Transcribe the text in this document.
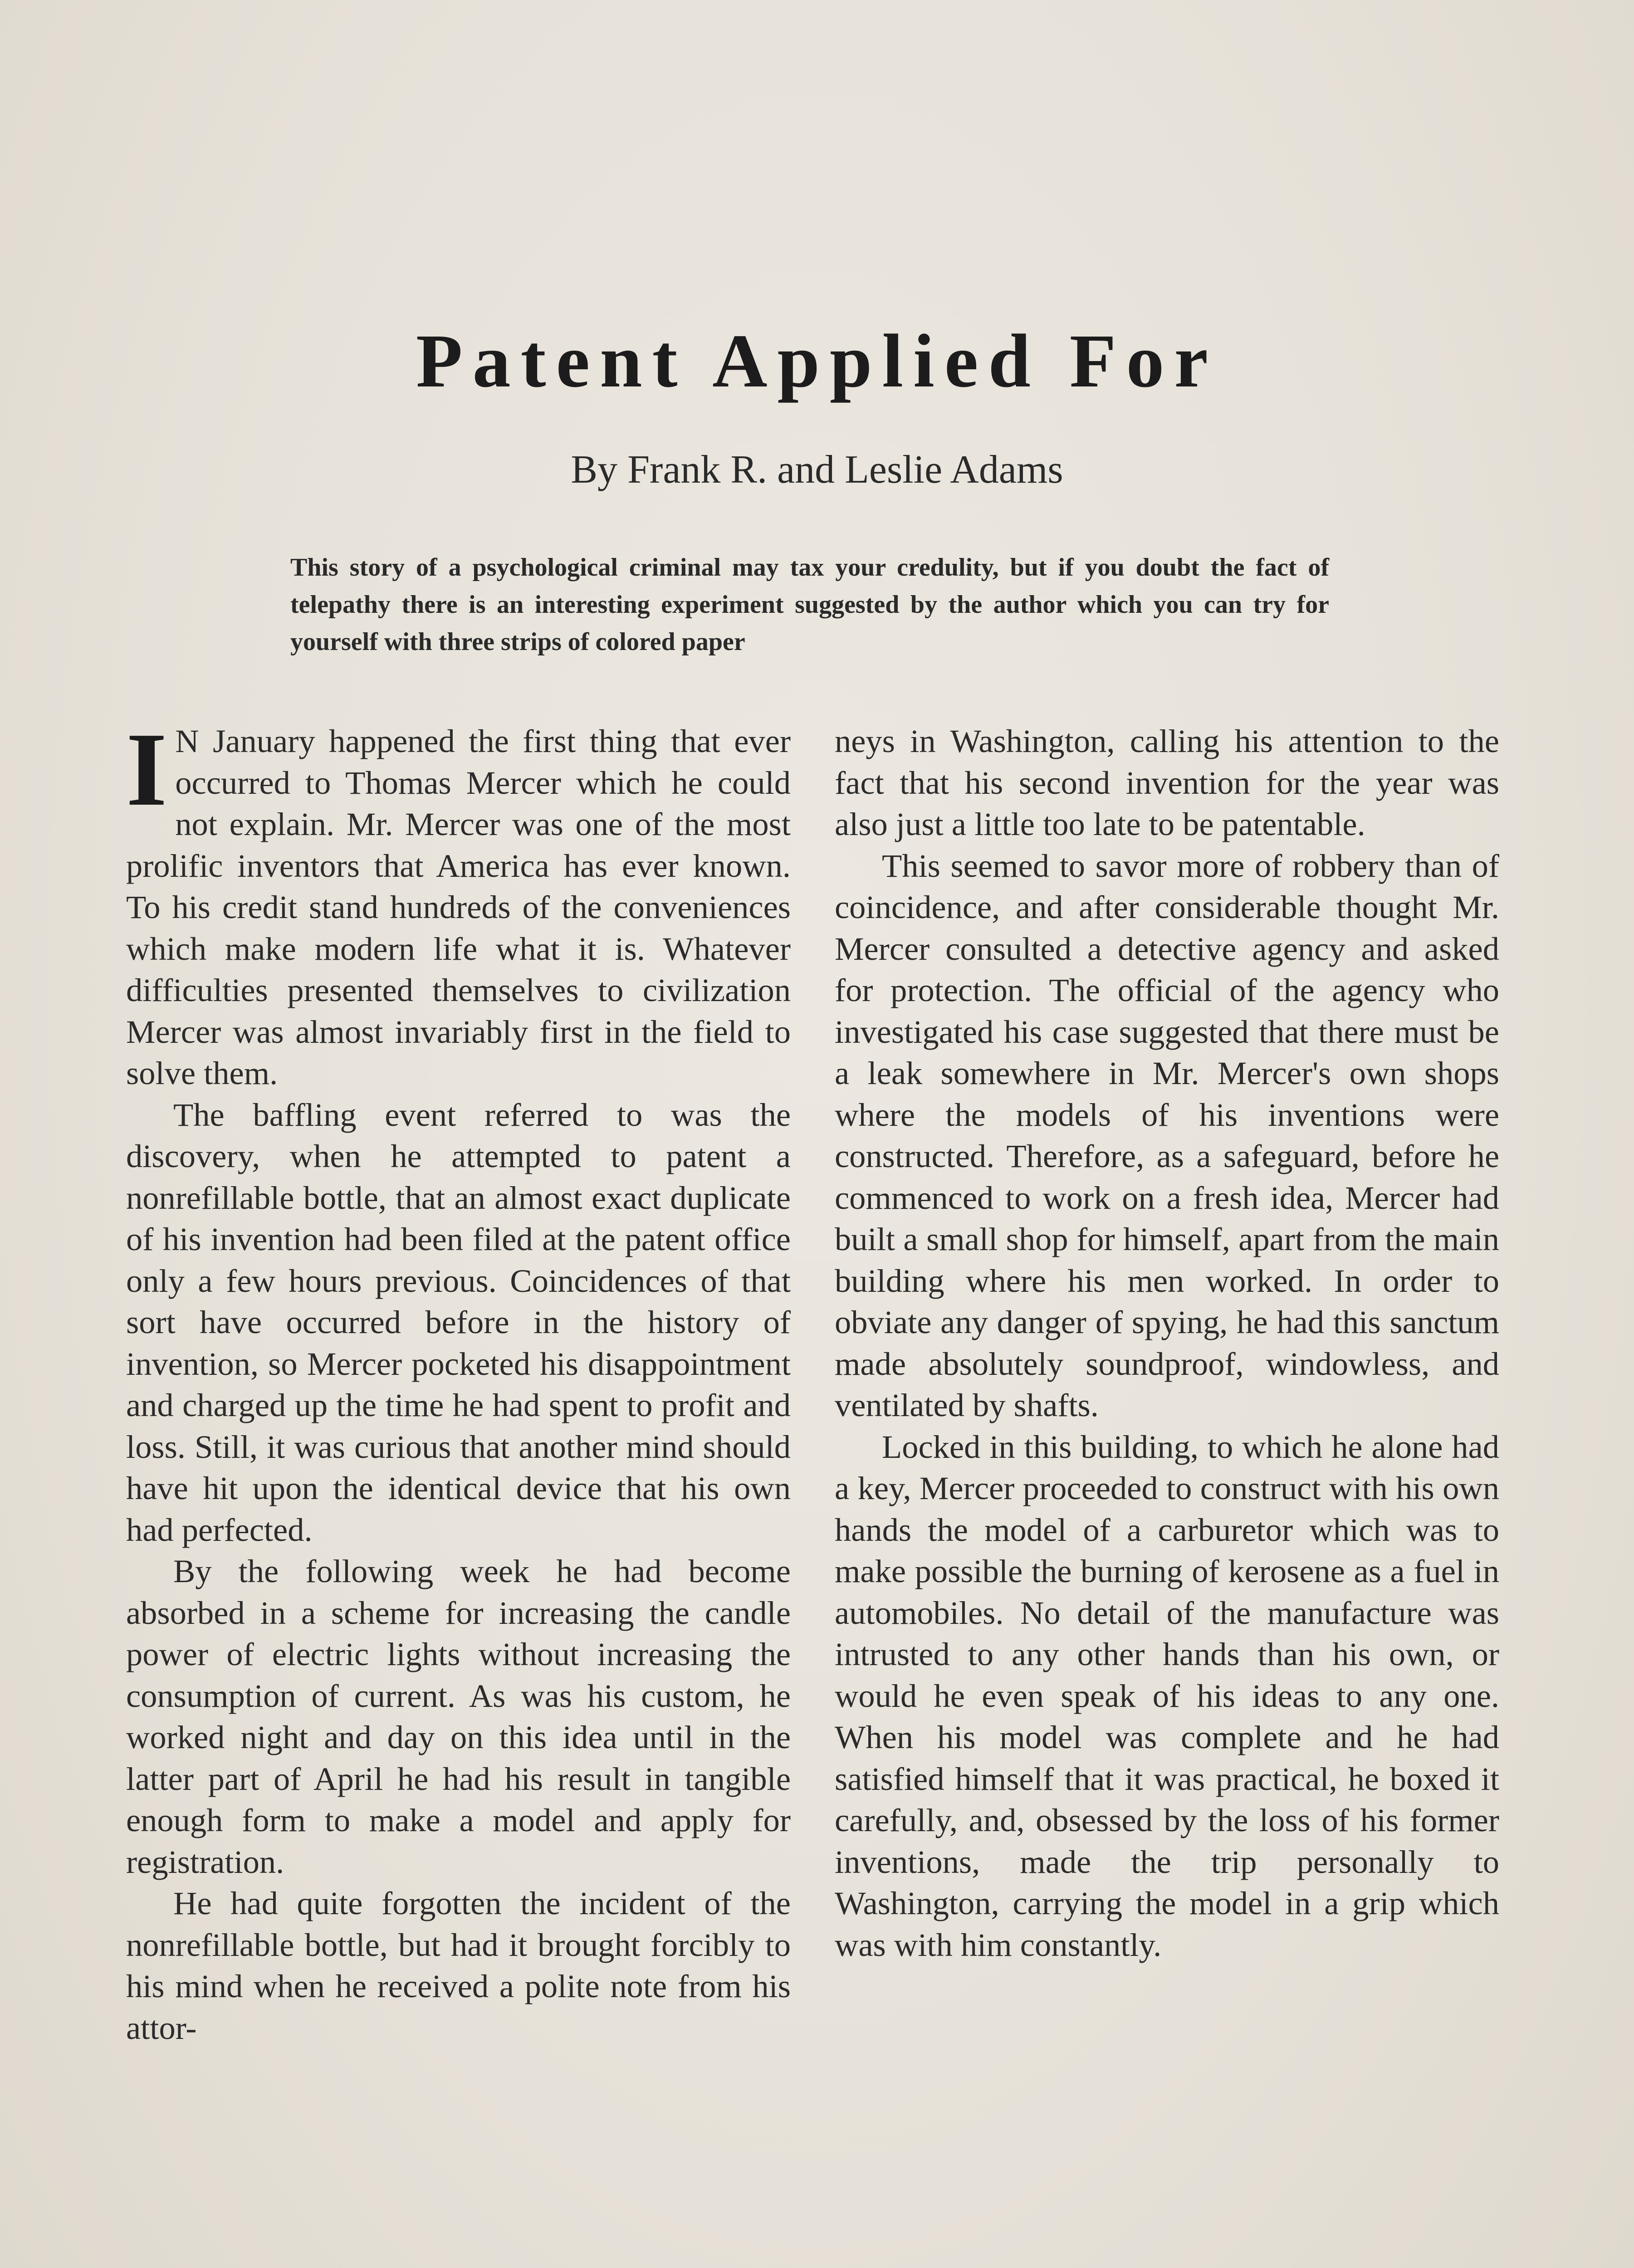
Patent Applied For
By Frank R. and Leslie Adams
This story of a psychological criminal may tax your credulity, but if you doubt the fact of telepathy there is an interesting experiment suggested by the author which you can try for yourself with three strips of colored paper

I N January happened the first thing that ever occurred to Thomas Mercer which he could not explain. Mr. Mercer was one of the most prolific inventors that America has ever known. To his credit stand hundreds of the conveniences which make modern life what it is. Whatever difficulties presented themselves to civilization Mercer was almost invariably first in the field to solve them.

The baffling event referred to was the discovery, when he attempted to patent a nonrefillable bottle, that an almost exact duplicate of his invention had been filed at the patent office only a few hours previous. Coincidences of that sort have occurred before in the history of invention, so Mercer pocketed his disappointment and charged up the time he had spent to profit and loss. Still, it was curious that another mind should have hit upon the identical device that his own had perfected.

By the following week he had become absorbed in a scheme for increasing the candle power of electric lights without increasing the consumption of current. As was his custom, he worked night and day on this idea until in the latter part of April he had his result in tangible enough form to make a model and apply for registration.

He had quite forgotten the incident of the nonrefillable bottle, but had it brought forcibly to his mind when he received a polite note from his attor-

neys in Washington, calling his attention to the fact that his second invention for the year was also just a little too late to be patentable.

This seemed to savor more of robbery than of coincidence, and after considerable thought Mr. Mercer consulted a detective agency and asked for protection. The official of the agency who investigated his case suggested that there must be a leak somewhere in Mr. Mercer's own shops where the models of his inventions were constructed. Therefore, as a safeguard, before he commenced to work on a fresh idea, Mercer had built a small shop for himself, apart from the main building where his men worked. In order to obviate any danger of spying, he had this sanctum made absolutely soundproof, windowless, and ventilated by shafts.

Locked in this building, to which he alone had a key, Mercer proceeded to construct with his own hands the model of a carburetor which was to make possible the burning of kerosene as a fuel in automobiles. No detail of the manufacture was intrusted to any other hands than his own, or would he even speak of his ideas to any one. When his model was complete and he had satisfied himself that it was practical, he boxed it carefully, and, obsessed by the loss of his former inventions, made the trip personally to Washington, carrying the model in a grip which was with him constantly.
